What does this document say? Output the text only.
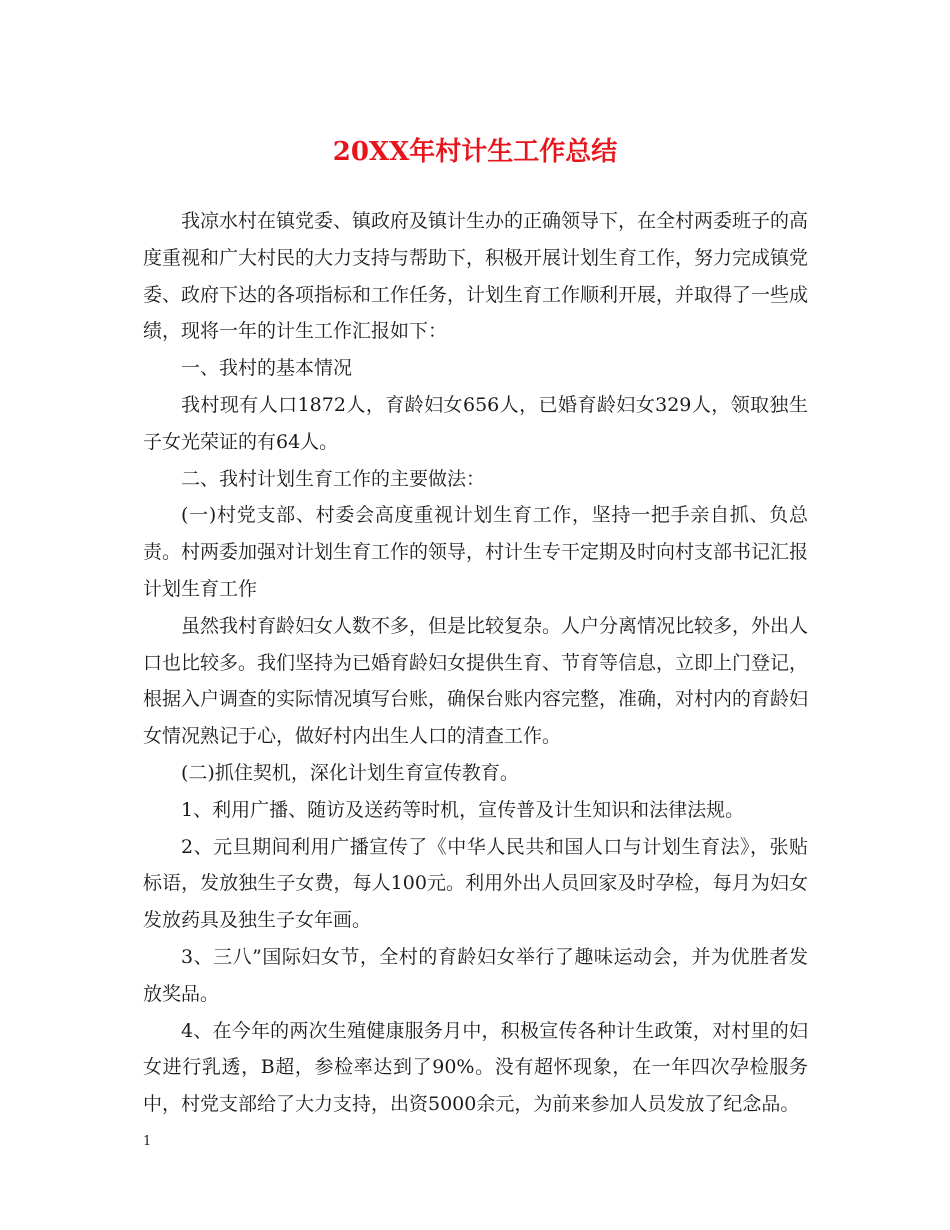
20XX年村计生工作总结

我凉水村在镇党委、镇政府及镇计生办的正确领导下，在全村两委班子的高度重视和广大村民的大力支持与帮助下，积极开展计划生育工作，努力完成镇党委、政府下达的各项指标和工作任务，计划生育工作顺利开展，并取得了一些成绩，现将一年的计生工作汇报如下：

一、我村的基本情况

我村现有人口1872人，育龄妇女656人，已婚育龄妇女329人，领取独生子女光荣证的有64人。

二、我村计划生育工作的主要做法：

(一)村党支部、村委会高度重视计划生育工作，坚持一把手亲自抓、负总责。村两委加强对计划生育工作的领导，村计生专干定期及时向村支部书记汇报计划生育工作

虽然我村育龄妇女人数不多，但是比较复杂。人户分离情况比较多，外出人口也比较多。我们坚持为已婚育龄妇女提供生育、节育等信息，立即上门登记，根据入户调查的实际情况填写台账，确保台账内容完整，准确，对村内的育龄妇女情况熟记于心，做好村内出生人口的清查工作。

(二)抓住契机，深化计划生育宣传教育。

1、利用广播、随访及送药等时机，宣传普及计生知识和法律法规。

2、元旦期间利用广播宣传了《中华人民共和国人口与计划生育法》，张贴标语，发放独生子女费，每人100元。利用外出人员回家及时孕检，每月为妇女发放药具及独生子女年画。

3、三八”国际妇女节，全村的育龄妇女举行了趣味运动会，并为优胜者发放奖品。

4、在今年的两次生殖健康服务月中，积极宣传各种计生政策，对村里的妇女进行乳透，B超，参检率达到了90%。没有超怀现象，在一年四次孕检服务中，村党支部给了大力支持，出资5000余元，为前来参加人员发放了纪念品。

1
